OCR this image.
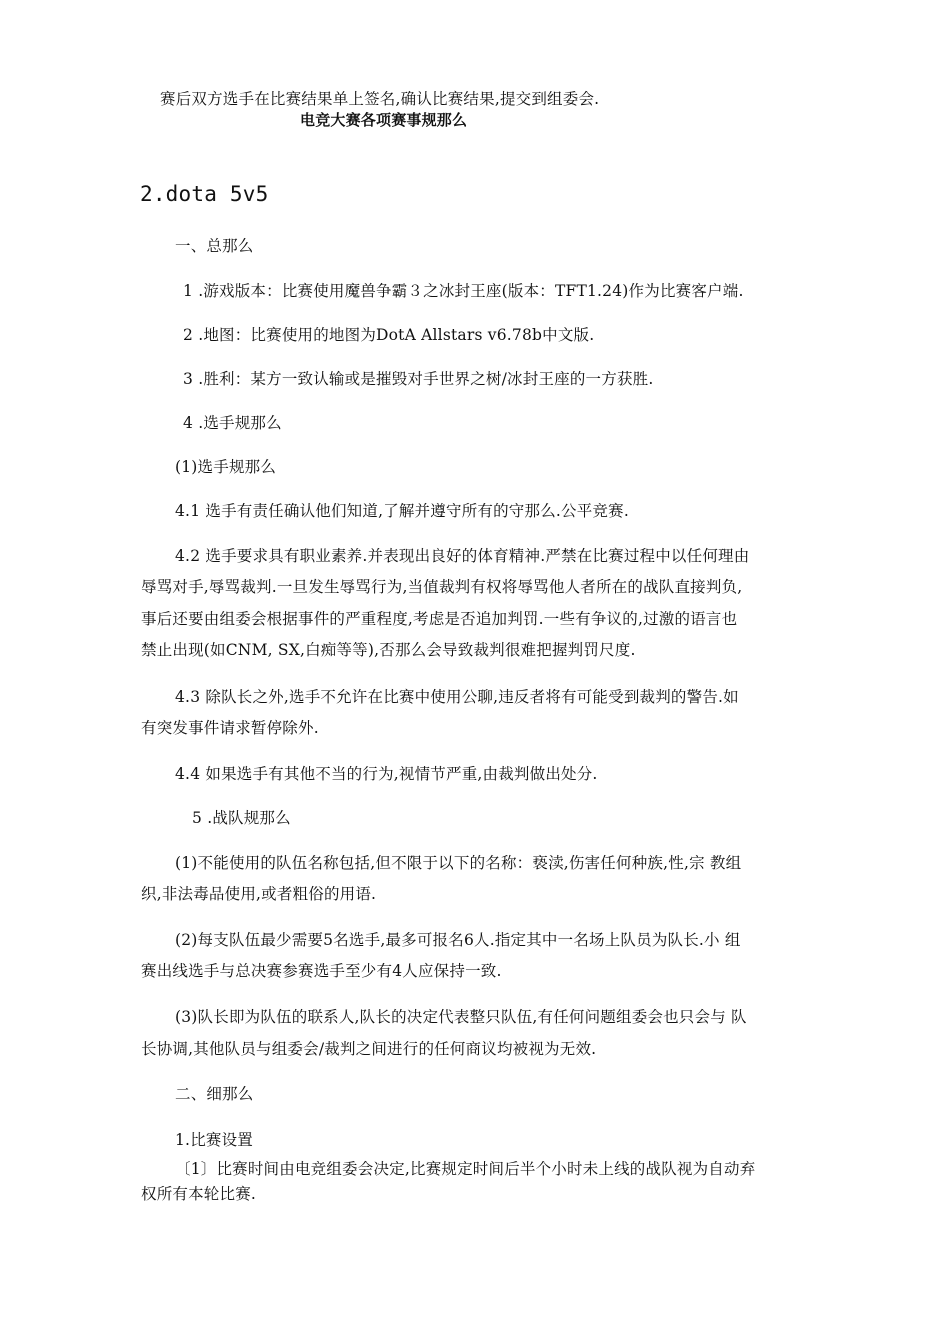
赛后双方选手在比赛结果单上签名,确认比赛结果,提交到组委会.
电竞大赛各项赛事规那么
2.dota 5v5
一、总那么
1 .游戏版本：比赛使用魔兽争霸３之冰封王座(版本：TFT1.24)作为比赛客户端.
2 .地图：比赛使用的地图为DotA Allstars v6.78b中文版.
3 .胜利：某方一致认输或是摧毁对手世界之树/冰封王座的一方获胜.
4 .选手规那么
(1)选手规那么
4.1 选手有责任确认他们知道,了解并遵守所有的守那么.公平竞赛.
4.2 选手要求具有职业素养.并表现出良好的体育精神.严禁在比赛过程中以任何理由
辱骂对手,辱骂裁判.一旦发生辱骂行为,当值裁判有权将辱骂他人者所在的战队直接判负,
事后还要由组委会根据事件的严重程度,考虑是否追加判罚.一些有争议的,过激的语言也
禁止出现(如CNM, SX,白痴等等),否那么会导致裁判很难把握判罚尺度.
4.3 除队长之外,选手不允许在比赛中使用公聊,违反者将有可能受到裁判的警告.如
有突发事件请求暂停除外.
4.4 如果选手有其他不当的行为,视情节严重,由裁判做出处分.
5 .战队规那么
(1)不能使用的队伍名称包括,但不限于以下的名称：亵渎,伤害任何种族,性,宗 教组
织,非法毒品使用,或者粗俗的用语.
(2)每支队伍最少需要5名选手,最多可报名6人.指定其中一名场上队员为队长.小 组
赛出线选手与总决赛参赛选手至少有4人应保持一致.
(3)队长即为队伍的联系人,队长的决定代表整只队伍,有任何问题组委会也只会与 队
长协调,其他队员与组委会/裁判之间进行的任何商议均被视为无效.
二、细那么
1.比赛设置
〔1〕比赛时间由电竞组委会决定,比赛规定时间后半个小时未上线的战队视为自动弃
权所有本轮比赛.
